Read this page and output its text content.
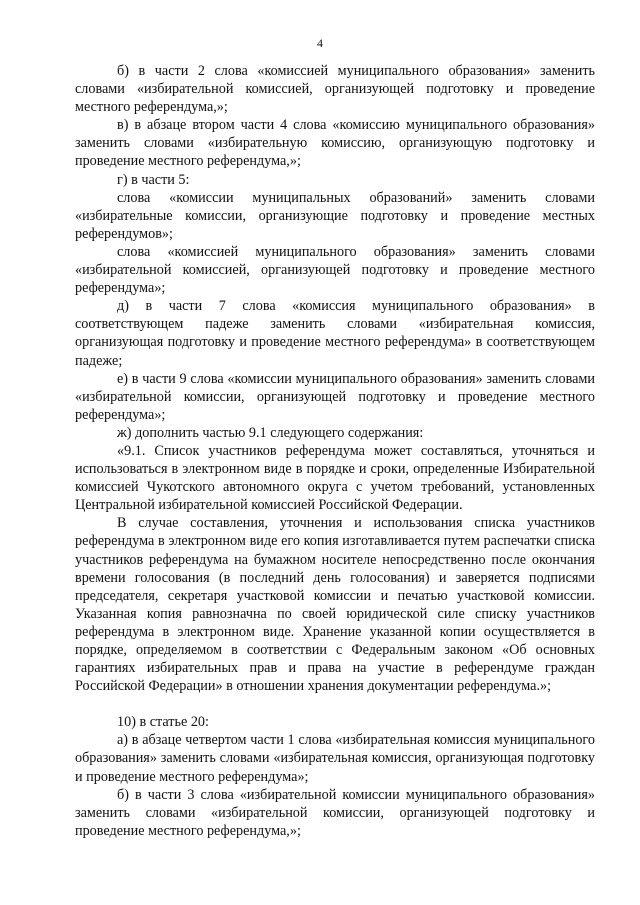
4

б) в части 2 слова «комиссией муниципального образования» заменить словами «избирательной комиссией, организующей подготовку и проведение местного референдума,»;

в) в абзаце втором части 4 слова «комиссию муниципального образования» заменить словами «избирательную комиссию, организующую подготовку и проведение местного референдума,»;

г) в части 5:

слова «комиссии муниципальных образований» заменить словами «избирательные комиссии, организующие подготовку и проведение местных референдумов»;

слова «комиссией муниципального образования» заменить словами «избирательной комиссией, организующей подготовку и проведение местного референдума»;

д) в части 7 слова «комиссия муниципального образования» в соответствующем падеже заменить словами «избирательная комиссия, организующая подготовку и проведение местного референдума» в соответствующем падеже;

е) в части 9 слова «комиссии муниципального образования» заменить словами «избирательной комиссии, организующей подготовку и проведение местного референдума»;

ж) дополнить частью 9.1 следующего содержания:

«9.1. Список участников референдума может составляться, уточняться и использоваться в электронном виде в порядке и сроки, определенные Избирательной комиссией Чукотского автономного округа с учетом требований, установленных Центральной избирательной комиссией Российской Федерации.

В случае составления, уточнения и использования списка участников референдума в электронном виде его копия изготавливается путем распечатки списка участников референдума на бумажном носителе непосредственно после окончания времени голосования (в последний день голосования) и заверяется подписями председателя, секретаря участковой комиссии и печатью участковой комиссии. Указанная копия равнозначна по своей юридической силе списку участников референдума в электронном виде. Хранение указанной копии осуществляется в порядке, определяемом в соответствии с Федеральным законом «Об основных гарантиях избирательных прав и права на участие в референдуме граждан Российской Федерации» в отношении хранения документации референдума.»;

10) в статье 20:

а) в абзаце четвертом части 1 слова «избирательная комиссия муниципального образования» заменить словами «избирательная комиссия, организующая подготовку и проведение местного референдума»;

б) в части 3 слова «избирательной комиссии муниципального образования» заменить словами «избирательной комиссии, организующей подготовку и проведение местного референдума,»;
